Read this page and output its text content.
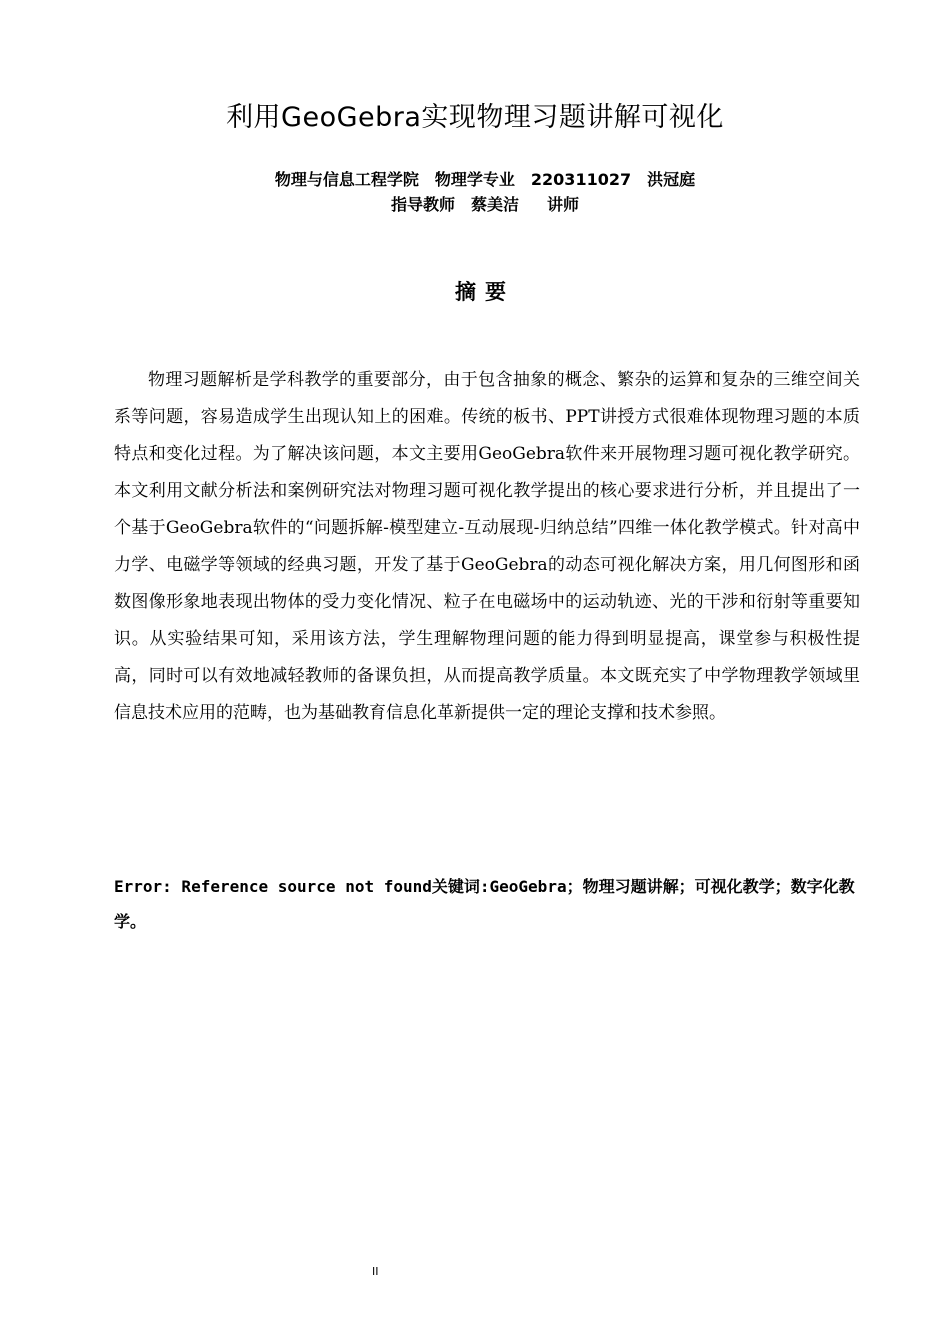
利用GeoGebra实现物理习题讲解可视化
物理与信息工程学院 物理学专业 220311027 洪冠庭
指导教师 蔡美洁 讲师
摘要

物理习题解析是学科教学的重要部分，由于包含抽象的概念、繁杂的运算和复杂的三维空间关系等问题，容易造成学生出现认知上的困难。传统的板书、PPT讲授方式很难体现物理习题的本质特点和变化过程。为了解决该问题，本文主要用GeoGebra软件来开展物理习题可视化教学研究。本文利用文献分析法和案例研究法对物理习题可视化教学提出的核心要求进行分析，并且提出了一个基于GeoGebra软件的“问题拆解-模型建立-互动展现-归纳总结”四维一体化教学模式。针对高中力学、电磁学等领域的经典习题，开发了基于GeoGebra的动态可视化解决方案，用几何图形和函数图像形象地表现出物体的受力变化情况、粒子在电磁场中的运动轨迹、光的干涉和衍射等重要知识。从实验结果可知，采用该方法，学生理解物理问题的能力得到明显提高，课堂参与积极性提高，同时可以有效地减轻教师的备课负担，从而提高教学质量。本文既充实了中学物理教学领域里信息技术应用的范畴，也为基础教育信息化革新提供一定的理论支撑和技术参照。

Error: Reference source not found关键词:GeoGebra；物理习题讲解；可视化教学；数字化教学。

II
